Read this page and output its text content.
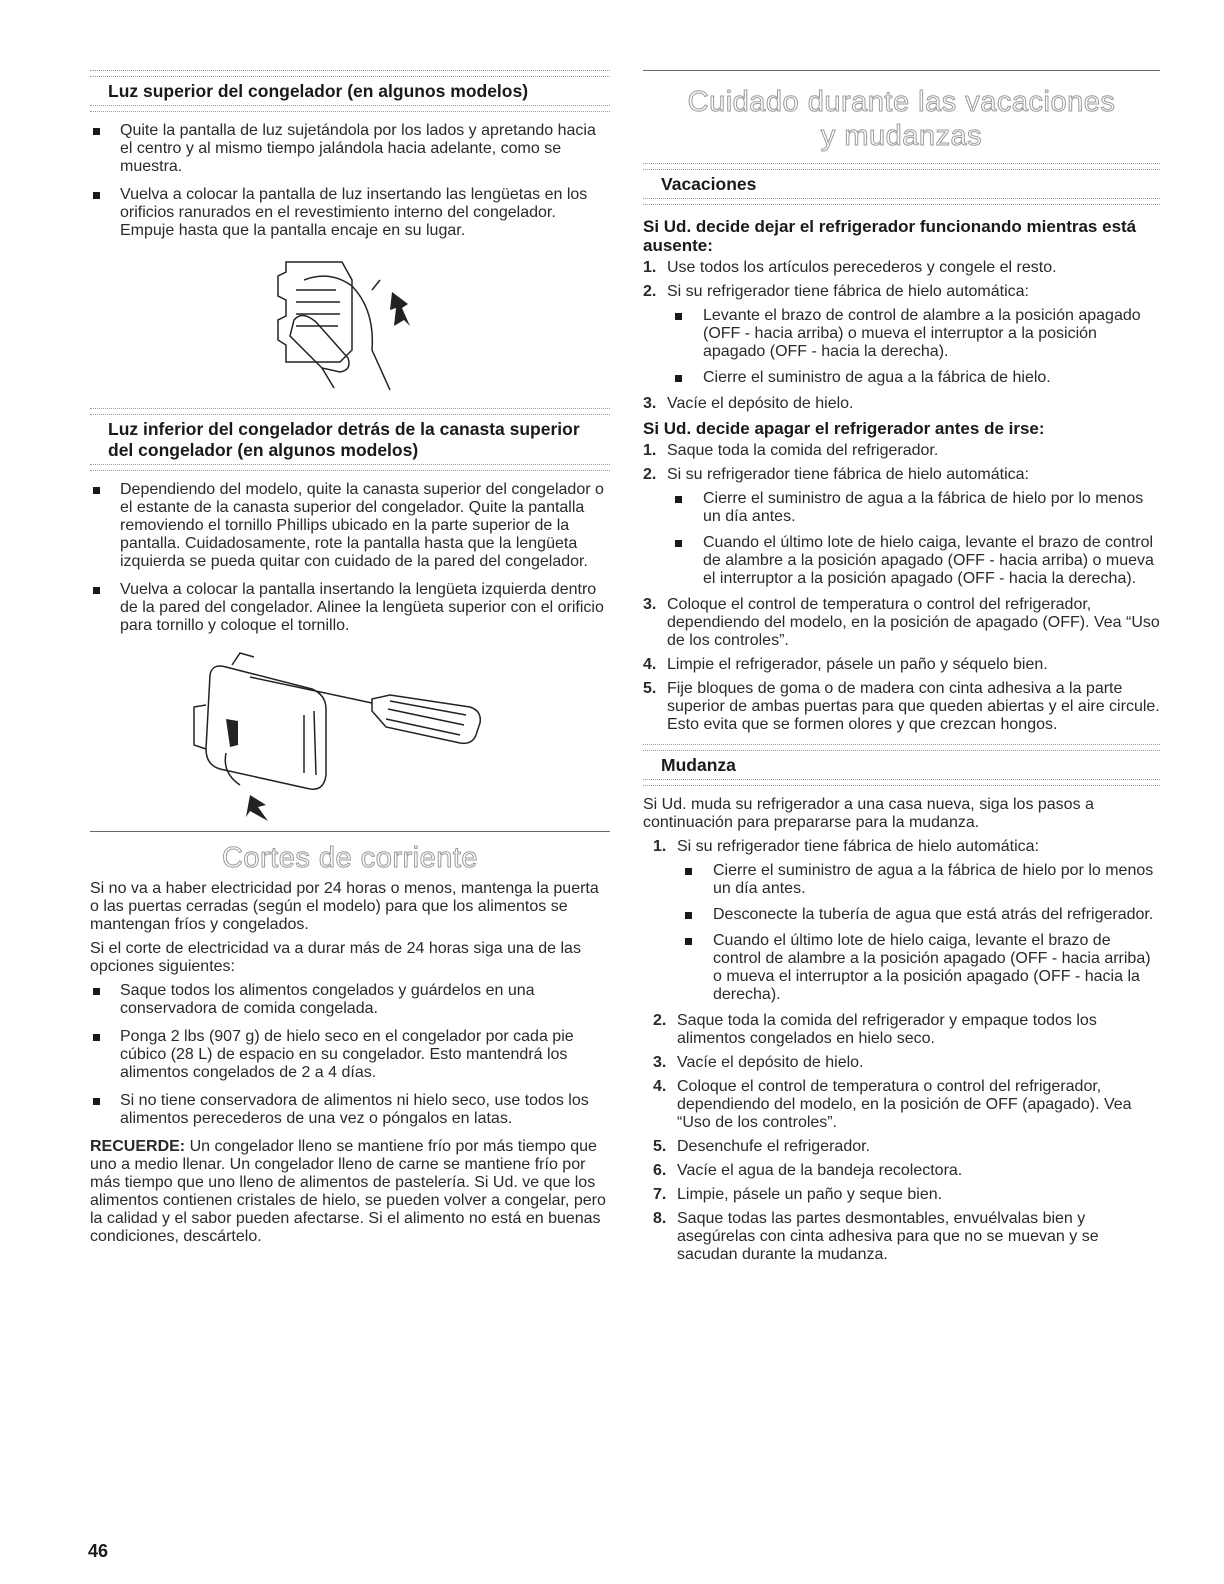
Luz superior del congelador (en algunos modelos)
Quite la pantalla de luz sujetándola por los lados y apretando hacia el centro y al mismo tiempo jalándola hacia adelante, como se muestra.
Vuelva a colocar la pantalla de luz insertando las lengüetas en los orificios ranurados en el revestimiento interno del congelador. Empuje hasta que la pantalla encaje en su lugar.
Luz inferior del congelador detrás de la canasta superior del congelador (en algunos modelos)
Dependiendo del modelo, quite la canasta superior del congelador o el estante de la canasta superior del congelador. Quite la pantalla removiendo el tornillo Phillips ubicado en la parte superior de la pantalla. Cuidadosamente, rote la pantalla hasta que la lengüeta izquierda se pueda quitar con cuidado de la pared del congelador.
Vuelva a colocar la pantalla insertando la lengüeta izquierda dentro de la pared del congelador. Alinee la lengüeta superior con el orificio para tornillo y coloque el tornillo.
Cortes de corriente

Si no va a haber electricidad por 24 horas o menos, mantenga la puerta o las puertas cerradas (según el modelo) para que los alimentos se mantengan fríos y congelados.

Si el corte de electricidad va a durar más de 24 horas siga una de las opciones siguientes:

Saque todos los alimentos congelados y guárdelos en una conservadora de comida congelada.
Ponga 2 lbs (907 g) de hielo seco en el congelador por cada pie cúbico (28 L) de espacio en su congelador. Esto mantendrá los alimentos congelados de 2 a 4 días.
Si no tiene conservadora de alimentos ni hielo seco, use todos los alimentos perecederos de una vez o póngalos en latas.

RECUERDE: Un congelador lleno se mantiene frío por más tiempo que uno a medio llenar. Un congelador lleno de carne se mantiene frío por más tiempo que uno lleno de alimentos de pastelería. Si Ud. ve que los alimentos contienen cristales de hielo, se pueden volver a congelar, pero la calidad y el sabor pueden afectarse. Si el alimento no está en buenas condiciones, descártelo.

Cuidado durante las vacaciones y mudanzas
Vacaciones
Si Ud. decide dejar el refrigerador funcionando mientras está ausente:
1. Use todos los artículos perecederos y congele el resto.
2. Si su refrigerador tiene fábrica de hielo automática:
Levante el brazo de control de alambre a la posición apagado (OFF - hacia arriba) o mueva el interruptor a la posición apagado (OFF - hacia la derecha).
Cierre el suministro de agua a la fábrica de hielo.
3. Vacíe el depósito de hielo.
Si Ud. decide apagar el refrigerador antes de irse:
1. Saque toda la comida del refrigerador.
2. Si su refrigerador tiene fábrica de hielo automática:
Cierre el suministro de agua a la fábrica de hielo por lo menos un día antes.
Cuando el último lote de hielo caiga, levante el brazo de control de alambre a la posición apagado (OFF - hacia arriba) o mueva el interruptor a la posición apagado (OFF - hacia la derecha).
3. Coloque el control de temperatura o control del refrigerador, dependiendo del modelo, en la posición de apagado (OFF). Vea “Uso de los controles”.
4. Limpie el refrigerador, pásele un paño y séquelo bien.
5. Fije bloques de goma o de madera con cinta adhesiva a la parte superior de ambas puertas para que queden abiertas y el aire circule. Esto evita que se formen olores y que crezcan hongos.
Mudanza

Si Ud. muda su refrigerador a una casa nueva, siga los pasos a continuación para prepararse para la mudanza.

1. Si su refrigerador tiene fábrica de hielo automática:
Cierre el suministro de agua a la fábrica de hielo por lo menos un día antes.
Desconecte la tubería de agua que está atrás del refrigerador.
Cuando el último lote de hielo caiga, levante el brazo de control de alambre a la posición apagado (OFF - hacia arriba) o mueva el interruptor a la posición apagado (OFF - hacia la derecha).
2. Saque toda la comida del refrigerador y empaque todos los alimentos congelados en hielo seco.
3. Vacíe el depósito de hielo.
4. Coloque el control de temperatura o control del refrigerador, dependiendo del modelo, en la posición de OFF (apagado). Vea “Uso de los controles”.
5. Desenchufe el refrigerador.
6. Vacíe el agua de la bandeja recolectora.
7. Limpie, pásele un paño y seque bien.
8. Saque todas las partes desmontables, envuélvalas bien y asegúrelas con cinta adhesiva para que no se muevan y se sacudan durante la mudanza.
46
